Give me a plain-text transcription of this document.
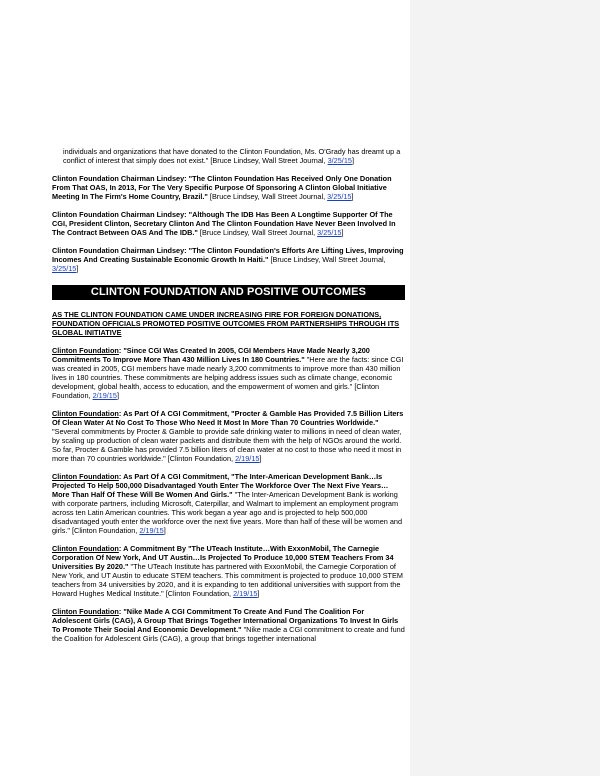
individuals and organizations that have donated to the Clinton Foundation, Ms. O'Grady has dreamt up a conflict of interest that simply does not exist." [Bruce Lindsey, Wall Street Journal, 3/25/15]

Clinton Foundation Chairman Lindsey: "The Clinton Foundation Has Received Only One Donation From That OAS, In 2013, For The Very Specific Purpose Of Sponsoring A Clinton Global Initiative Meeting In The Firm's Home Country, Brazil." [Bruce Lindsey, Wall Street Journal, 3/25/15]

Clinton Foundation Chairman Lindsey: "Although The IDB Has Been A Longtime Supporter Of The CGI, President Clinton, Secretary Clinton And The Clinton Foundation Have Never Been Involved In The Contract Between OAS And The IDB." [Bruce Lindsey, Wall Street Journal, 3/25/15]

Clinton Foundation Chairman Lindsey: "The Clinton Foundation's Efforts Are Lifting Lives, Improving Incomes And Creating Sustainable Economic Growth In Haiti." [Bruce Lindsey, Wall Street Journal, 3/25/15]

CLINTON FOUNDATION AND POSITIVE OUTCOMES
AS THE CLINTON FOUNDATION CAME UNDER INCREASING FIRE FOR FOREIGN DONATIONS, FOUNDATION OFFICIALS PROMOTED POSITIVE OUTCOMES FROM PARTNERSHIPS THROUGH ITS GLOBAL INITIATIVE

Clinton Foundation: "Since CGI Was Created In 2005, CGI Members Have Made Nearly 3,200 Commitments To Improve More Than 430 Million Lives In 180 Countries." "Here are the facts: since CGI was created in 2005, CGI members have made nearly 3,200 commitments to improve more than 430 million lives in 180 countries. These commitments are helping address issues such as climate change, economic development, global health, access to education, and the empowerment of women and girls." [Clinton Foundation, 2/19/15]

Clinton Foundation: As Part Of A CGI Commitment, "Procter & Gamble Has Provided 7.5 Billion Liters Of Clean Water At No Cost To Those Who Need It Most In More Than 70 Countries Worldwide." "Several commitments by Procter & Gamble to provide safe drinking water to millions in need of clean water, by scaling up production of clean water packets and distribute them with the help of NGOs around the world. So far, Procter & Gamble has provided 7.5 billion liters of clean water at no cost to those who need it most in more than 70 countries worldwide." [Clinton Foundation, 2/19/15]

Clinton Foundation: As Part Of A CGI Commitment, "The Inter-American Development Bank…Is Projected To Help 500,000 Disadvantaged Youth Enter The Workforce Over The Next Five Years…More Than Half Of These Will Be Women And Girls." "The Inter-American Development Bank is working with corporate partners, including Microsoft, Caterpillar, and Walmart to implement an employment program across ten Latin American countries. This work began a year ago and is projected to help 500,000 disadvantaged youth enter the workforce over the next five years. More than half of these will be women and girls." [Clinton Foundation, 2/19/15]

Clinton Foundation: A Commitment By "The UTeach Institute…With ExxonMobil, The Carnegie Corporation Of New York, And UT Austin…Is Projected To Produce 10,000 STEM Teachers From 34 Universities By 2020." "The UTeach Institute has partnered with ExxonMobil, the Carnegie Corporation of New York, and UT Austin to educate STEM teachers. This commitment is projected to produce 10,000 STEM teachers from 34 universities by 2020, and it is expanding to ten additional universities with support from the Howard Hughes Medical Institute." [Clinton Foundation, 2/19/15]

Clinton Foundation: "Nike Made A CGI Commitment To Create And Fund The Coalition For Adolescent Girls (CAG), A Group That Brings Together International Organizations To Invest In Girls To Promote Their Social And Economic Development." "Nike made a CGI commitment to create and fund the Coalition for Adolescent Girls (CAG), a group that brings together international
